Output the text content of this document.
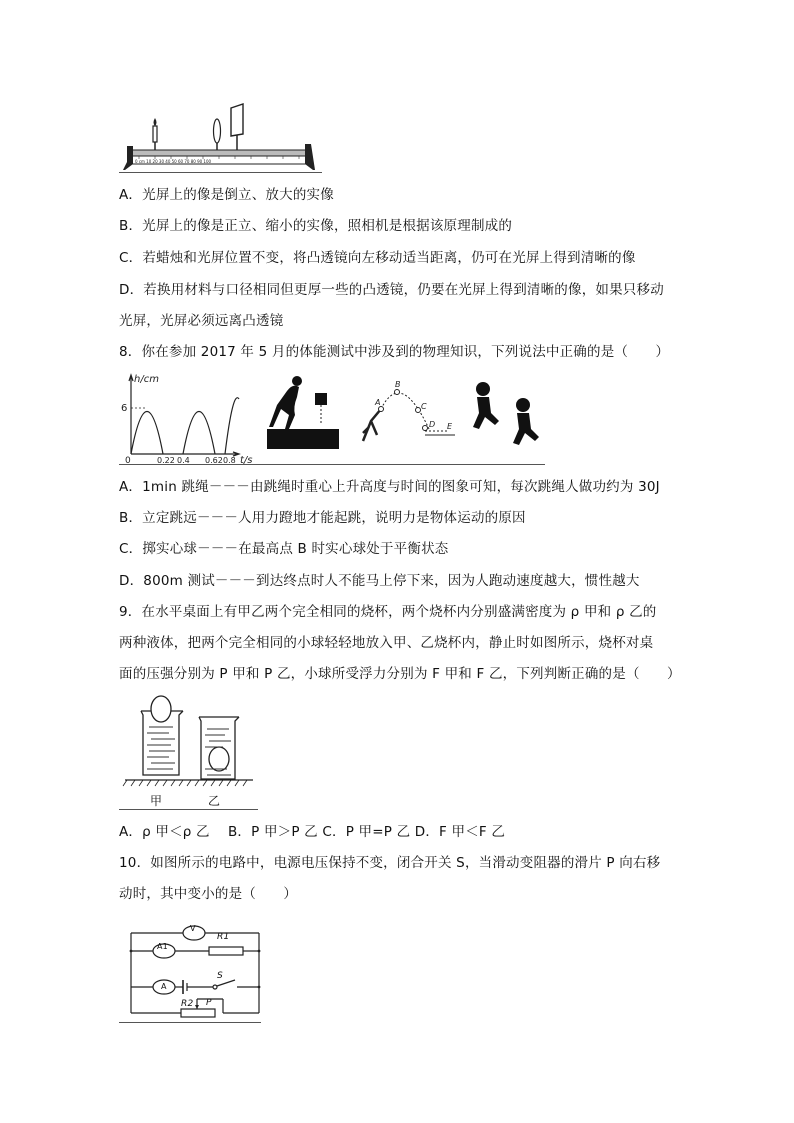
0 cm 10 20 30 40 50 60 70 80 90 100
A．光屏上的像是倒立、放大的实像
B．光屏上的像是正立、缩小的实像，照相机是根据该原理制成的
C．若蜡烛和光屏位置不变，将凸透镜向左移动适当距离，仍可在光屏上得到清晰的像
D．若换用材料与口径相同但更厚一些的凸透镜，仍要在光屏上得到清晰的像，如果只移动
光屏，光屏必须远离凸透镜
8．你在参加 2017 年 5 月的体能测试中涉及到的物理知识，下列说法中正确的是（　　）
h/cm
6
0	0.22 0.4 0.62 0.8 t/s
A
B
C
D E
A．1min 跳绳－－－由跳绳时重心上升高度与时间的图象可知，每次跳绳人做功约为 30J
B．立定跳远－－－人用力蹬地才能起跳，说明力是物体运动的原因
C．掷实心球－－－在最高点 B 时实心球处于平衡状态
D．800m 测试－－－到达终点时人不能马上停下来，因为人跑动速度越大，惯性越大
9．在水平桌面上有甲乙两个完全相同的烧杯，两个烧杯内分别盛满密度为 ρ 甲和 ρ 乙的
两种液体，把两个完全相同的小球轻轻地放入甲、乙烧杯内，静止时如图所示，烧杯对桌
面的压强分别为 P 甲和 P 乙，小球所受浮力分别为 F 甲和 F 乙，下列判断正确的是（　　）
甲	乙
A．ρ 甲＜ρ 乙　 B．P 甲＞P 乙 C．P 甲=P 乙 D．F 甲＜F 乙
10．如图所示的电路中，电源电压保持不变，闭合开关 S，当滑动变阻器的滑片 P 向右移
动时，其中变小的是（　　）
V
A1
R1
A
S
R2 P
